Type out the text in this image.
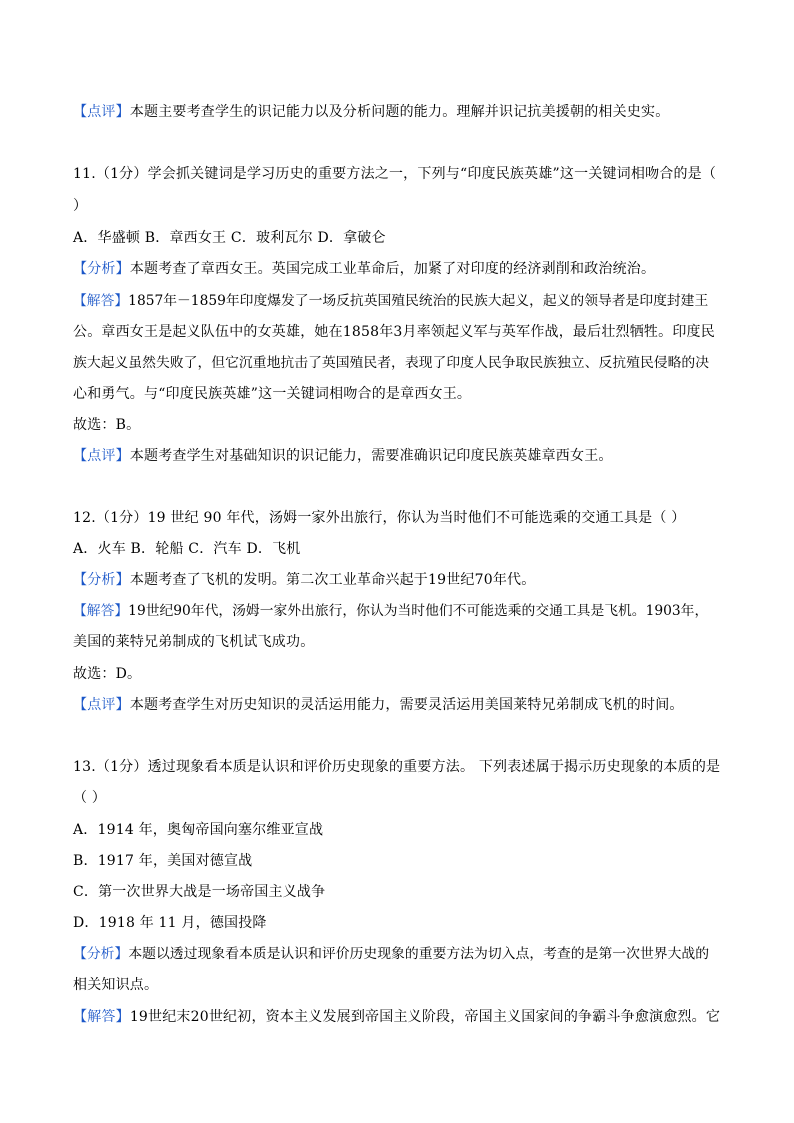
【点评】本题主要考查学生的识记能力以及分析问题的能力。理解并识记抗美援朝的相关史实。
11.（1分）学会抓关键词是学习历史的重要方法之一，下列与“印度民族英雄”这一关键词相吻合的是（
）
A．华盛顿 B．章西女王 C．玻利瓦尔 D．拿破仑
【分析】本题考查了章西女王。英国完成工业革命后，加紧了对印度的经济剥削和政治统治。
【解答】1857年－1859年印度爆发了一场反抗英国殖民统治的民族大起义，起义的领导者是印度封建王
公。章西女王是起义队伍中的女英雄，她在1858年3月率领起义军与英军作战，最后壮烈牺牲。印度民
族大起义虽然失败了，但它沉重地抗击了英国殖民者，表现了印度人民争取民族独立、反抗殖民侵略的决
心和勇气。与“印度民族英雄”这一关键词相吻合的是章西女王。
故选：B。
【点评】本题考查学生对基础知识的识记能力，需要准确识记印度民族英雄章西女王。
12.（1分）19 世纪 90 年代，汤姆一家外出旅行，你认为当时他们不可能选乘的交通工具是（ ）
A．火车 B．轮船 C．汽车 D．飞机
【分析】本题考查了飞机的发明。第二次工业革命兴起于19世纪70年代。
【解答】19世纪90年代，汤姆一家外出旅行，你认为当时他们不可能选乘的交通工具是飞机。1903年，
美国的莱特兄弟制成的飞机试飞成功。
故选：D。
【点评】本题考查学生对历史知识的灵活运用能力，需要灵活运用美国莱特兄弟制成飞机的时间。
13.（1分）透过现象看本质是认识和评价历史现象的重要方法。 下列表述属于揭示历史现象的本质的是
（ ）
A．1914 年，奥匈帝国向塞尔维亚宣战
B．1917 年，美国对德宣战
C．第一次世界大战是一场帝国主义战争
D．1918 年 11 月，德国投降
【分析】本题以透过现象看本质是认识和评价历史现象的重要方法为切入点，考查的是第一次世界大战的
相关知识点。
【解答】19世纪末20世纪初，资本主义发展到帝国主义阶段，帝国主义国家间的争霸斗争愈演愈烈。它
